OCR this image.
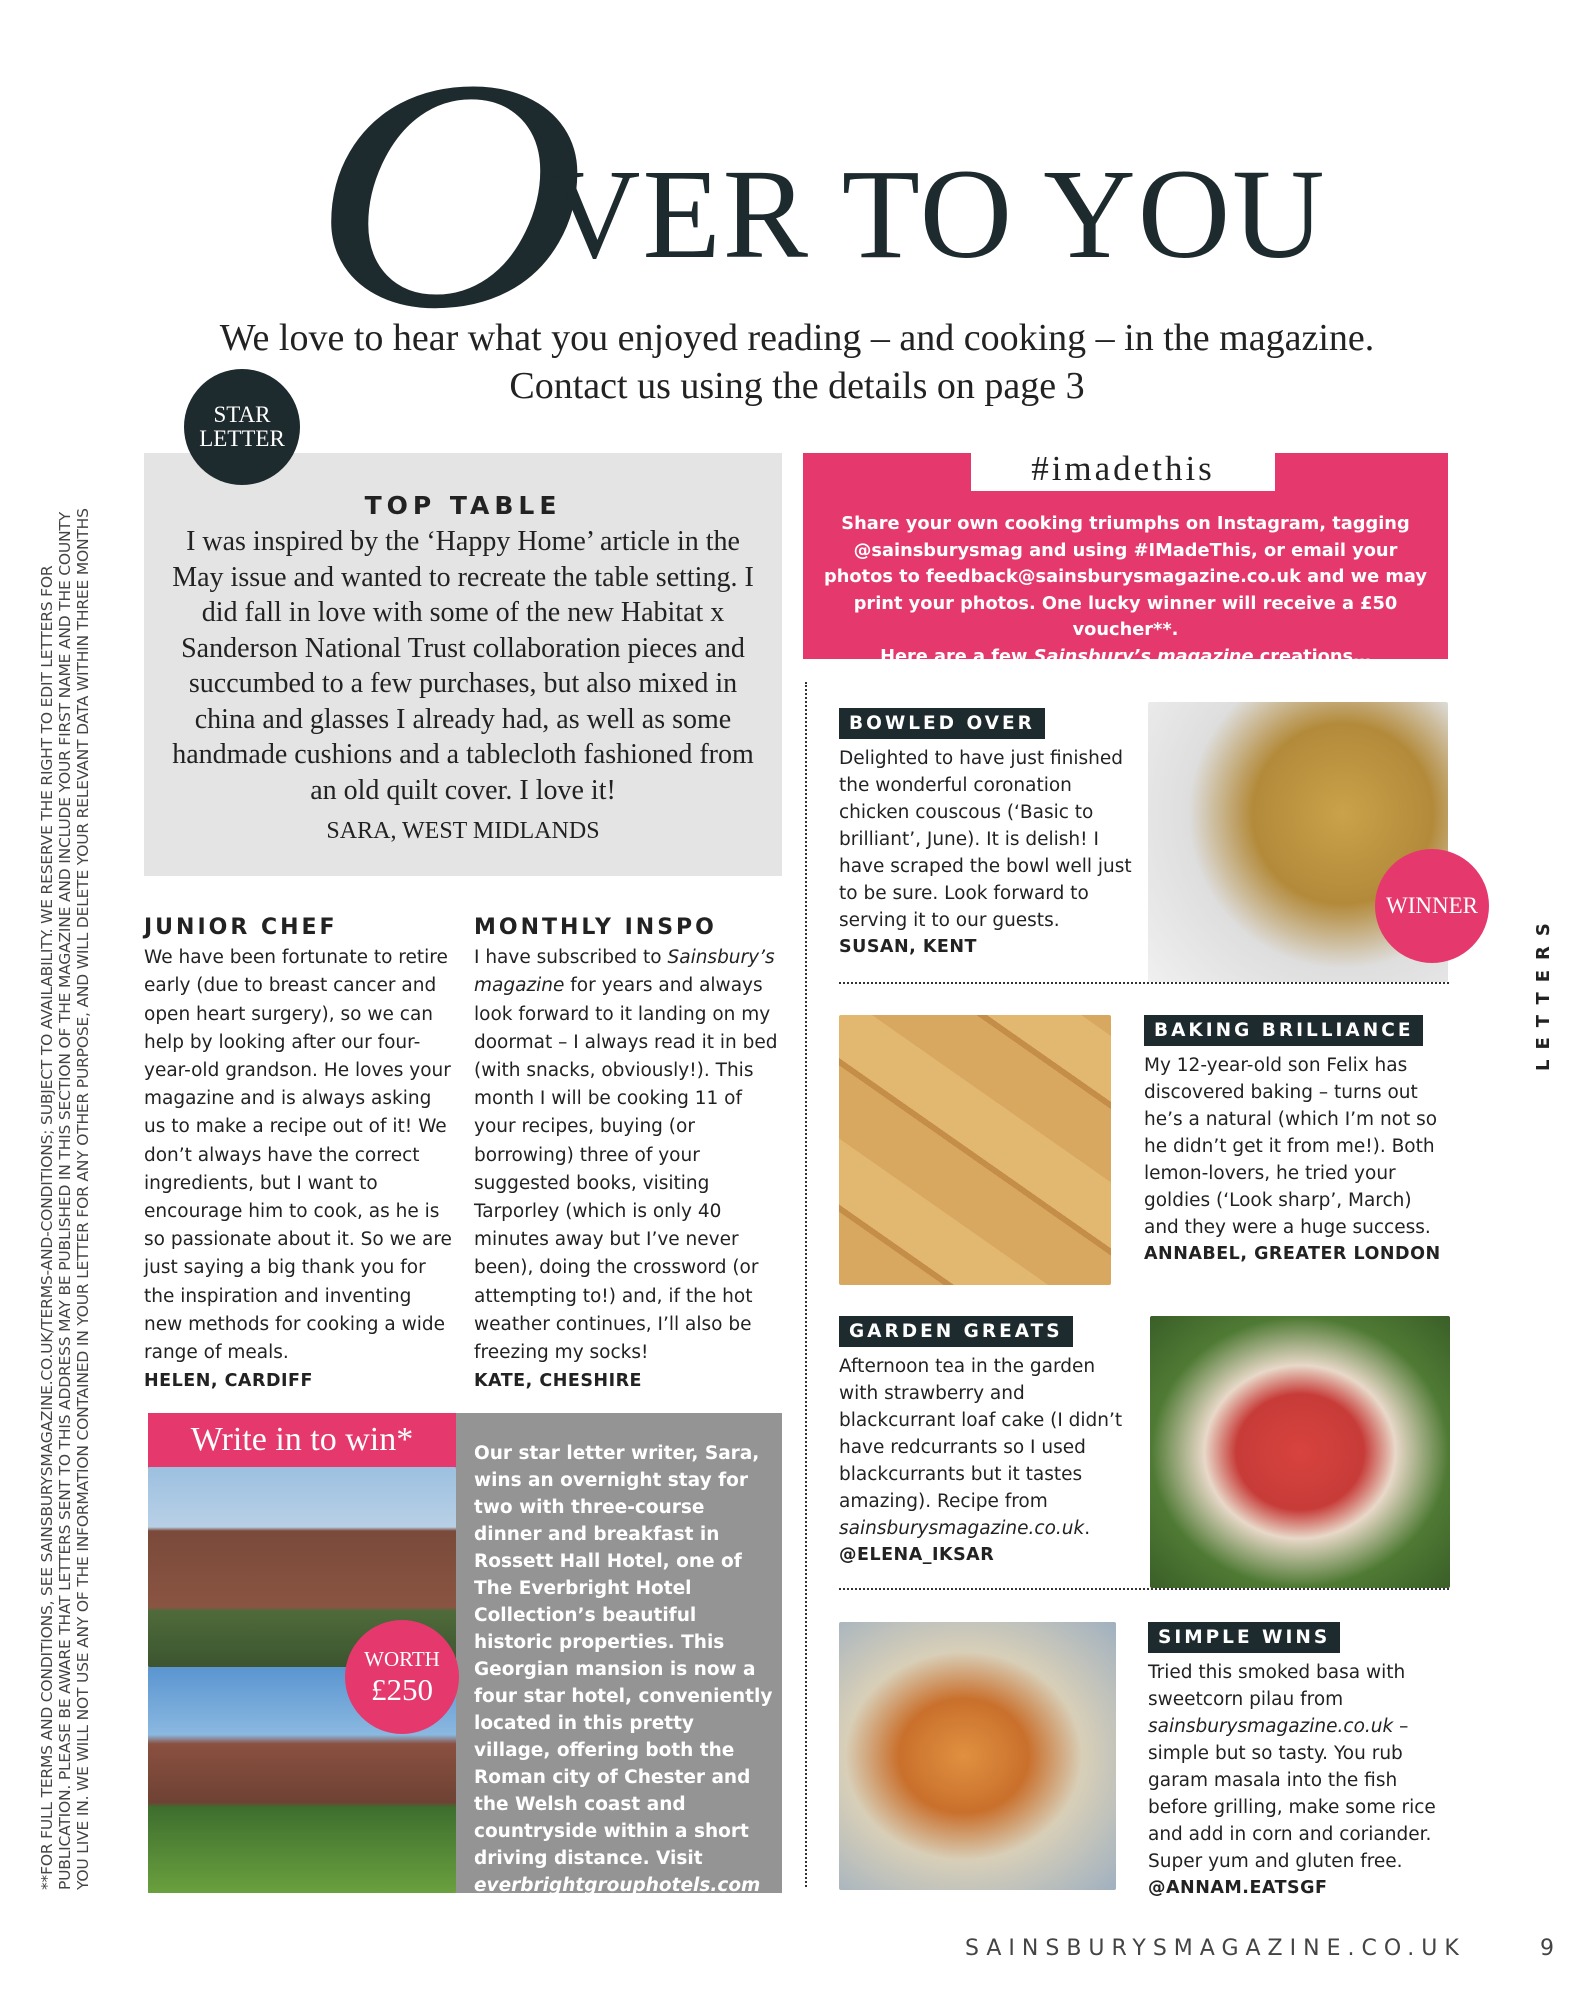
O
VER TO YOU
We love to hear what you enjoyed reading – and cooking – in the magazine.
Contact us using the details on page 3
STAR
LETTER
TOP TABLE

I was inspired by the ‘Happy Home’ article in the May issue and wanted to recreate the table setting. I did fall in love with some of the new Habitat x Sanderson National Trust collaboration pieces and succumbed to a few purchases, but also mixed in china and glasses I already had, as well as some handmade cushions and a tablecloth fashioned from an old quilt cover. I love it!

SARA, WEST MIDLANDS

JUNIOR CHEF
We have been fortunate to retire early (due to breast cancer and open heart surgery), so we can help by looking after our four-year-old grandson. He loves your magazine and is always asking us to make a recipe out of it! We don’t always have the correct ingredients, but I want to encourage him to cook, as he is so passionate about it. So we are just saying a big thank you for the inspiration and inventing new methods for cooking a wide range of meals.
HELEN, CARDIFF
MONTHLY INSPO
I have subscribed to Sainsbury’s magazine for years and always look forward to it landing on my doormat – I always read it in bed (with snacks, obviously!). This month I will be cooking 11 of your recipes, buying (or borrowing) three of your suggested books, visiting Tarporley (which is only 40 minutes away but I’ve never been), doing the crossword (or attempting to!) and, if the hot weather continues, I’ll also be freezing my socks!
KATE, CHESHIRE
Write in to win*
WORTH
£250
Our star letter writer, Sara, wins an overnight stay for two with three-course dinner and breakfast in Rossett Hall Hotel, one of The Everbright Hotel Collection’s beautiful historic properties. This Georgian mansion is now a four star hotel, conveniently located in this pretty village, offering both the Roman city of Chester and the Welsh coast and countryside within a short driving distance. Visit everbrightgrouphotels.com for more information.
Share your own cooking triumphs on Instagram, tagging @sainsburysmag and using #IMadeThis, or email your photos to feedback@sainsburysmagazine.co.uk and we may print your photos. One lucky winner will receive a £50 voucher**.
Here are a few Sainsbury’s magazine creations…
#imadethis
BOWLED OVER
Delighted to have just finished the wonderful coronation chicken couscous (‘Basic to brilliant’, June). It is delish! I have scraped the bowl well just to be sure. Look forward to serving it to our guests.
SUSAN, KENT
WINNER
BAKING BRILLIANCE
My 12-year-old son Felix has discovered baking – turns out he’s a natural (which I’m not so he didn’t get it from me!). Both lemon-lovers, he tried your goldies (‘Look sharp’, March) and they were a huge success.
ANNABEL, GREATER LONDON
GARDEN GREATS
Afternoon tea in the garden with strawberry and blackcurrant loaf cake (I didn’t have redcurrants so I used blackcurrants but it tastes amazing). Recipe from sainsburysmagazine.co.uk.
@ELENA_IKSAR
SIMPLE WINS
Tried this smoked basa with sweetcorn pilau from sainsburysmagazine.co.uk – simple but so tasty. You rub garam masala into the fish before grilling, make some rice and add in corn and coriander. Super yum and gluten free.
@ANNAM.EATSGF
**FOR FULL TERMS AND CONDITIONS, SEE SAINSBURYSMAGAZINE.CO.UK/TERMS-AND-CONDITIONS; SUBJECT TO AVAILABILITY. WE RESERVE THE RIGHT TO EDIT LETTERS FOR PUBLICATION. PLEASE BE AWARE THAT LETTERS SENT TO THIS ADDRESS MAY BE PUBLISHED IN THIS SECTION OF THE MAGAZINE AND INCLUDE YOUR FIRST NAME AND THE COUNTY YOU LIVE IN. WE WILL NOT USE ANY OF THE INFORMATION CONTAINED IN YOUR LETTER FOR ANY OTHER PURPOSE, AND WILL DELETE YOUR RELEVANT DATA WITHIN THREE MONTHS	LETTERS
SAINSBURYSMAGAZINE.CO.UK	9
